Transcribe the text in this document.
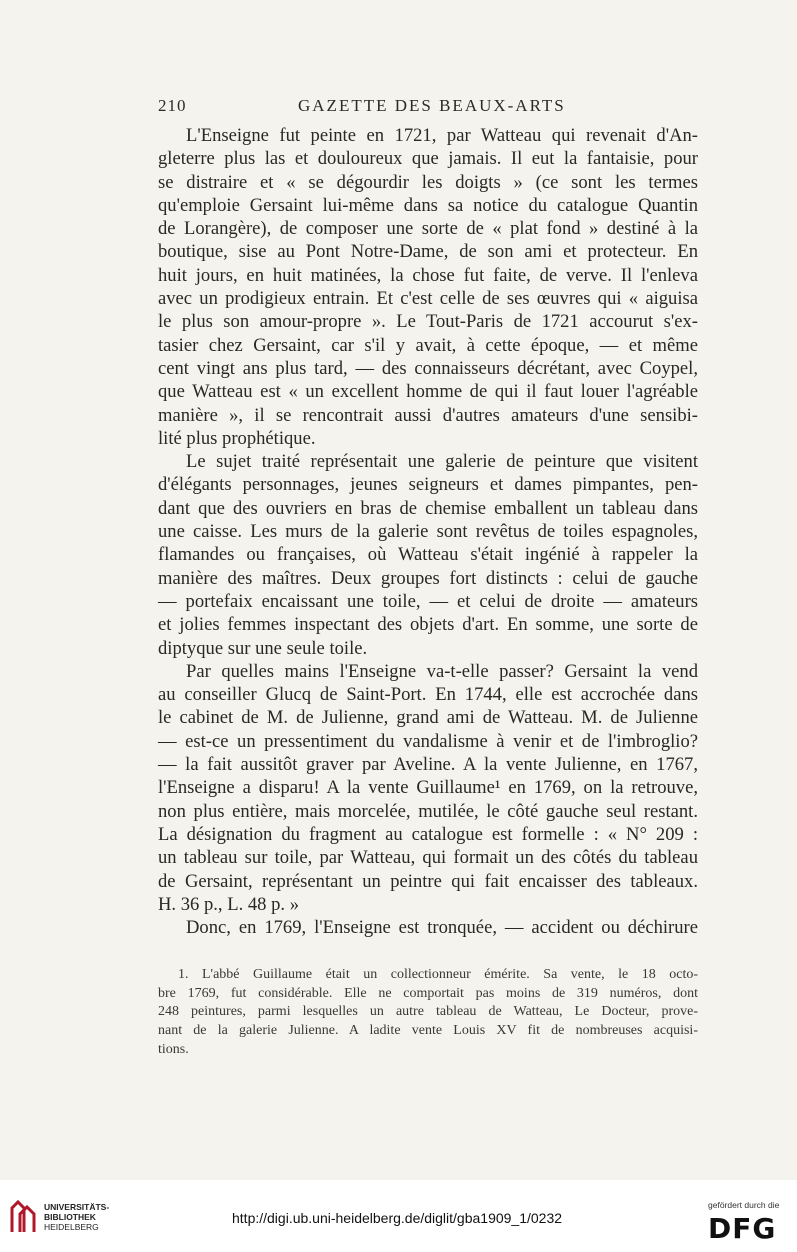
210	GAZETTE DES BEAUX-ARTS
L'Enseigne fut peinte en 1721, par Watteau qui revenait d'An-
gleterre plus las et douloureux que jamais. Il eut la fantaisie, pour
se distraire et « se dégourdir les doigts » (ce sont les termes
qu'emploie Gersaint lui-même dans sa notice du catalogue Quantin
de Lorangère), de composer une sorte de « plat fond » destiné à la
boutique, sise au Pont Notre-Dame, de son ami et protecteur. En
huit jours, en huit matinées, la chose fut faite, de verve. Il l'enleva
avec un prodigieux entrain. Et c'est celle de ses œuvres qui « aiguisa
le plus son amour-propre ». Le Tout-Paris de 1721 accourut s'ex-
tasier chez Gersaint, car s'il y avait, à cette époque, — et même
cent vingt ans plus tard, — des connaisseurs décrétant, avec Coypel,
que Watteau est « un excellent homme de qui il faut louer l'agréable
manière », il se rencontrait aussi d'autres amateurs d'une sensibi-
lité plus prophétique.
Le sujet traité représentait une galerie de peinture que visitent
d'élégants personnages, jeunes seigneurs et dames pimpantes, pen-
dant que des ouvriers en bras de chemise emballent un tableau dans
une caisse. Les murs de la galerie sont revêtus de toiles espagnoles,
flamandes ou françaises, où Watteau s'était ingénié à rappeler la
manière des maîtres. Deux groupes fort distincts : celui de gauche
— portefaix encaissant une toile, — et celui de droite — amateurs
et jolies femmes inspectant des objets d'art. En somme, une sorte de
diptyque sur une seule toile.
Par quelles mains l'Enseigne va-t-elle passer? Gersaint la vend
au conseiller Glucq de Saint-Port. En 1744, elle est accrochée dans
le cabinet de M. de Julienne, grand ami de Watteau. M. de Julienne
— est-ce un pressentiment du vandalisme à venir et de l'imbroglio?
— la fait aussitôt graver par Aveline. A la vente Julienne, en 1767,
l'Enseigne a disparu! A la vente Guillaume¹ en 1769, on la retrouve,
non plus entière, mais morcelée, mutilée, le côté gauche seul restant.
La désignation du fragment au catalogue est formelle : « N° 209 :
un tableau sur toile, par Watteau, qui formait un des côtés du tableau
de Gersaint, représentant un peintre qui fait encaisser des tableaux.
H. 36 p., L. 48 p. »
Donc, en 1769, l'Enseigne est tronquée, — accident ou déchirure
1. L'abbé Guillaume était un collectionneur émérite. Sa vente, le 18 octo-
bre 1769, fut considérable. Elle ne comportait pas moins de 319 numéros, dont
248 peintures, parmi lesquelles un autre tableau de Watteau, Le Docteur, prove-
nant de la galerie Julienne. A ladite vente Louis XV fit de nombreuses acquisi-
tions.
UNIVERSITÄTS-
BIBLIOTHEK
HEIDELBERG
http://digi.ub.uni-heidelberg.de/diglit/gba1909_1/0232
gefördert durch die
DFG
